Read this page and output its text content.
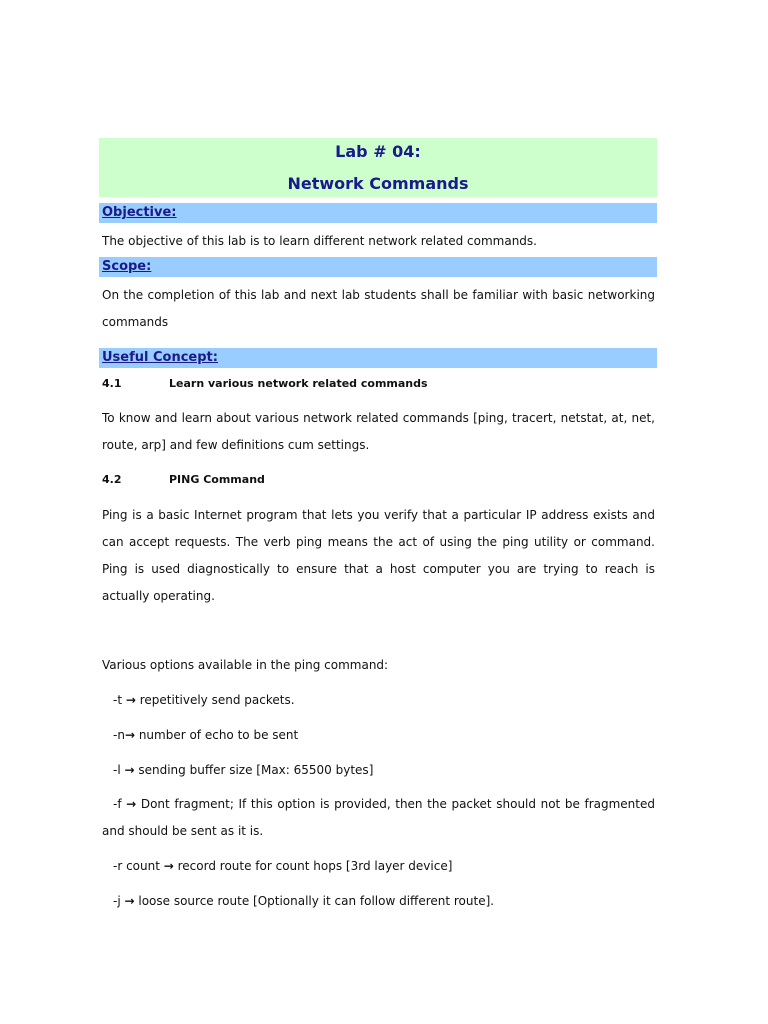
Lab # 04:
Network Commands
Objective:
The objective of this lab is to learn different network related commands.
Scope:
On the completion of this lab and next lab students shall be familiar with basic networking commands
Useful Concept:
4.1	Learn various network related commands
To know and learn about various network related commands [ping, tracert, netstat, at, net, route, arp] and few definitions cum settings.
4.2	PING Command
Ping is a basic Internet program that lets you verify that a particular IP address exists and can accept requests. The verb ping means the act of using the ping utility or command. Ping is used diagnostically to ensure that a host computer you are trying to reach is actually operating.
Various options available in the ping command:
-t → repetitively send packets.
-n→ number of echo to be sent
-l → sending buffer size [Max: 65500 bytes]
-f → Dont fragment; If this option is provided, then the packet should not be fragmented and should be sent as it is.
-r count → record route for count hops [3rd layer device]
-j → loose source route [Optionally it can follow different route].
